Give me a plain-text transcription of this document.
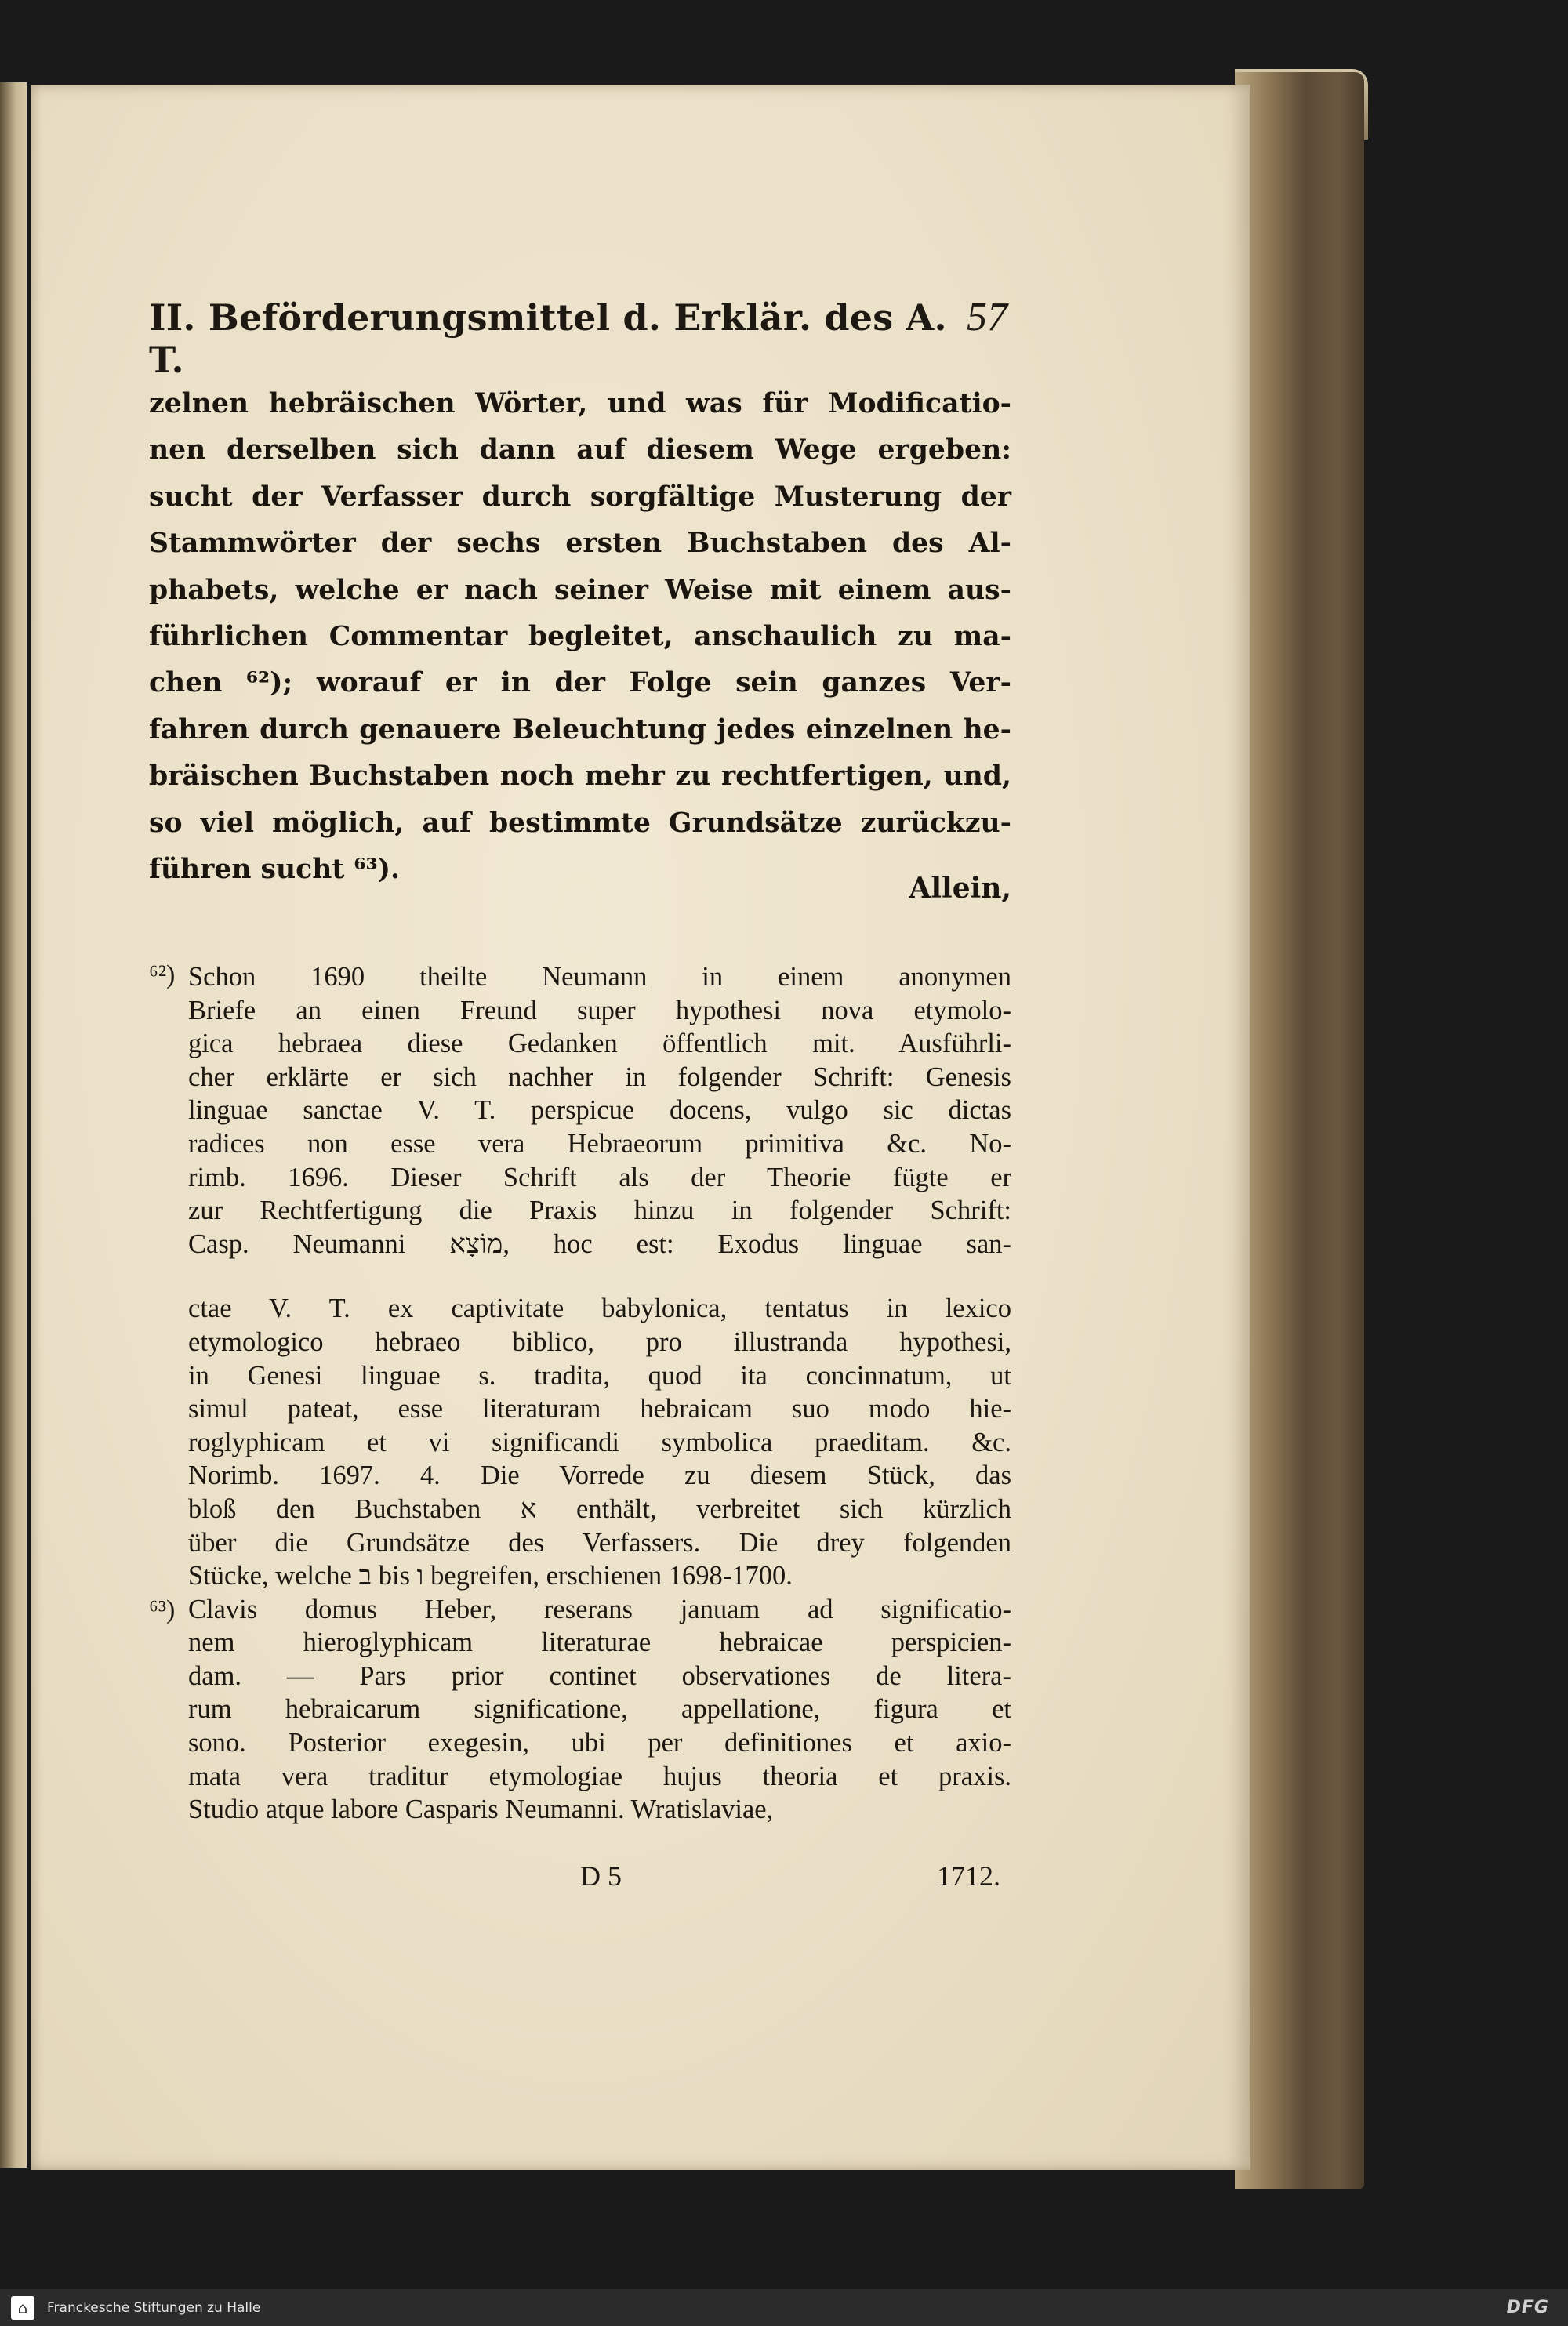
II. Beförderungsmittel d. Erklär. des A. T.
57
zelnen hebräischen Wörter, und was für Modificatio-
nen derselben sich dann auf diesem Wege ergeben:
sucht der Verfasser durch sorgfältige Musterung der
Stammwörter der sechs ersten Buchstaben des Al-
phabets, welche er nach seiner Weise mit einem aus-
führlichen Commentar begleitet, anschaulich zu ma-
chen ⁶²); worauf er in der Folge sein ganzes Ver-
fahren durch genauere Beleuchtung jedes einzelnen he-
bräischen Buchstaben noch mehr zu rechtfertigen, und,
so viel möglich, auf bestimmte Grundsätze zurückzu-
führen sucht ⁶³).
Allein,
⁶²) Schon 1690 theilte Neumann in einem anonymen
Briefe an einen Freund super hypothesi nova etymolo-
gica hebraea diese Gedanken öffentlich mit. Ausführli-
cher erklärte er sich nachher in folgender Schrift: Genesis
linguae sanctae V. T. perspicue docens, vulgo sic dictas
radices non esse vera Hebraeorum primitiva &c. No-
rimb. 1696. Dieser Schrift als der Theorie fügte er
zur Rechtfertigung die Praxis hinzu in folgender Schrift:
Casp. Neumanni מוֹצָא, hoc est: Exodus linguae san-
ctae V. T. ex captivitate babylonica, tentatus in lexico
etymologico hebraeo biblico, pro illustranda hypothesi,
in Genesi linguae s. tradita, quod ita concinnatum, ut
simul pateat, esse literaturam hebraicam suo modo hie-
roglyphicam et vi significandi symbolica praeditam. &c.
Norimb. 1697. 4. Die Vorrede zu diesem Stück, das
bloß den Buchstaben א enthält, verbreitet sich kürzlich
über die Grundsätze des Verfassers. Die drey folgenden
Stücke, welche ב bis ו begreifen, erschienen 1698-1700.
⁶³) Clavis domus Heber, reserans januam ad significatio-
nem hieroglyphicam literaturae hebraicae perspicien-
dam. — Pars prior continet observationes de litera-
rum hebraicarum significatione, appellatione, figura et
sono. Posterior exegesin, ubi per definitiones et axio-
mata vera traditur etymologiae hujus theoria et praxis.
Studio atque labore Casparis Neumanni. Wratislaviae,
D 5	1712.
⌂	Franckesche Stiftungen zu Halle	DFG
